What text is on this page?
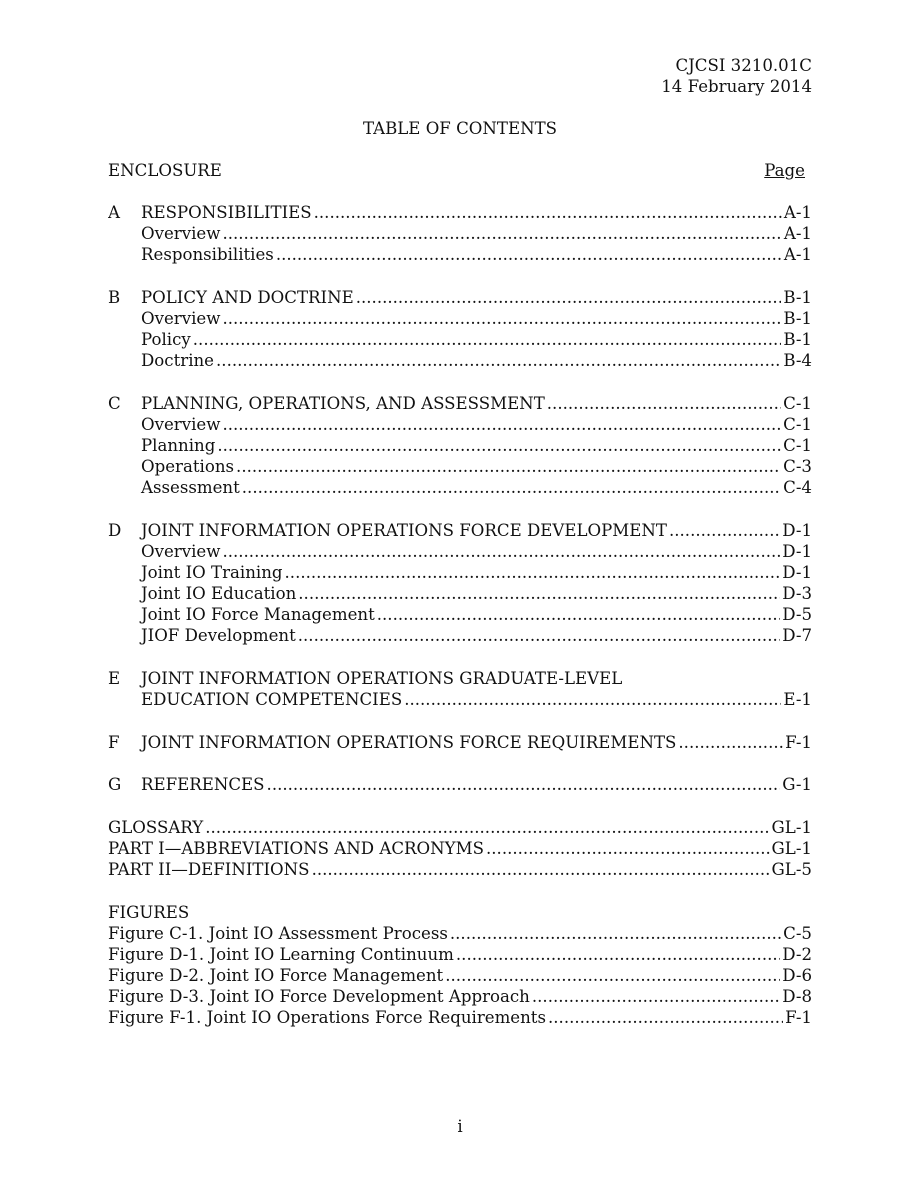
CJCSI 3210.01C
14 February 2014
TABLE OF CONTENTS
ENCLOSURE	Page
A RESPONSIBILITIES .....	A-1
Overview .....	A-1
Responsibilities .....	A-1
B POLICY AND DOCTRINE .....	B-1
Overview .....	B-1
Policy .....	B-1
Doctrine .....	B-4
C PLANNING, OPERATIONS, AND ASSESSMENT .....	C-1
Overview .....	C-1
Planning .....	C-1
Operations .....	C-3
Assessment .....	C-4
D JOINT INFORMATION OPERATIONS FORCE DEVELOPMENT .....	D-1
Overview .....	D-1
Joint IO Training .....	D-1
Joint IO Education .....	D-3
Joint IO Force Management .....	D-5
JIOF Development .....	D-7
E JOINT INFORMATION OPERATIONS GRADUATE-LEVEL
EDUCATION COMPETENCIES .....	E-1
F JOINT INFORMATION OPERATIONS FORCE REQUIREMENTS .....	F-1
G REFERENCES .....	G-1
GLOSSARY .....	GL-1
PART I—ABBREVIATIONS AND ACRONYMS .....	GL-1
PART II—DEFINITIONS .....	GL-5
FIGURES
Figure C-1. Joint IO Assessment Process .....	C-5
Figure D-1. Joint IO Learning Continuum .....	D-2
Figure D-2. Joint IO Force Management .....	D-6
Figure D-3. Joint IO Force Development Approach .....	D-8
Figure F-1. Joint IO Operations Force Requirements .....	F-1
i
